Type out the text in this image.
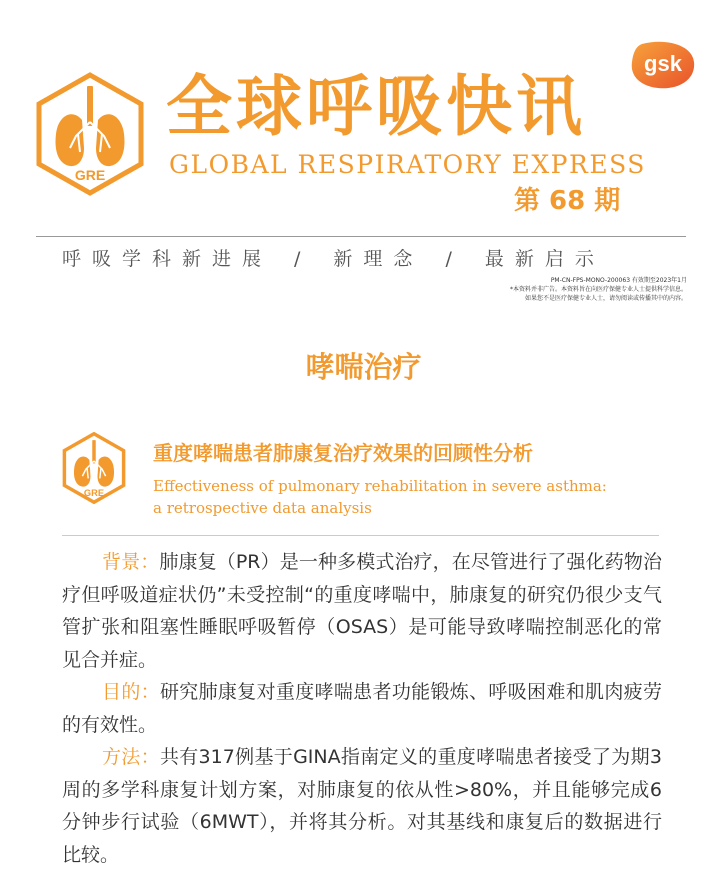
GRE
全球呼吸快讯
GLOBAL RESPIRATORY EXPRESS
第 68 期
gsk
呼吸学科新进展 / 新理念 / 最新启示
PM-CN-FPS-MONO-200063 有效期至2023年1月
*本资料并非广告。本资料旨在向医疗保健专业人士提供科学信息。
如果您不是医疗保健专业人士，请勿阅读或传播其中的内容。
哮喘治疗
GRE
重度哮喘患者肺康复治疗效果的回顾性分析
Effectiveness of pulmonary rehabilitation in severe asthma:
a retrospective data analysis

背景：肺康复（PR）是一种多模式治疗，在尽管进行了强化药物治疗但呼吸道症状仍”未受控制“的重度哮喘中，肺康复的研究仍很少支气管扩张和阻塞性睡眠呼吸暂停（OSAS）是可能导致哮喘控制恶化的常见合并症。

目的：研究肺康复对重度哮喘患者功能锻炼、呼吸困难和肌肉疲劳的有效性。

方法：共有317例基于GINA指南定义的重度哮喘患者接受了为期3周的多学科康复计划方案，对肺康复的依从性>80%，并且能够完成6分钟步行试验（6MWT），并将其分析。对其基线和康复后的数据进行比较。
